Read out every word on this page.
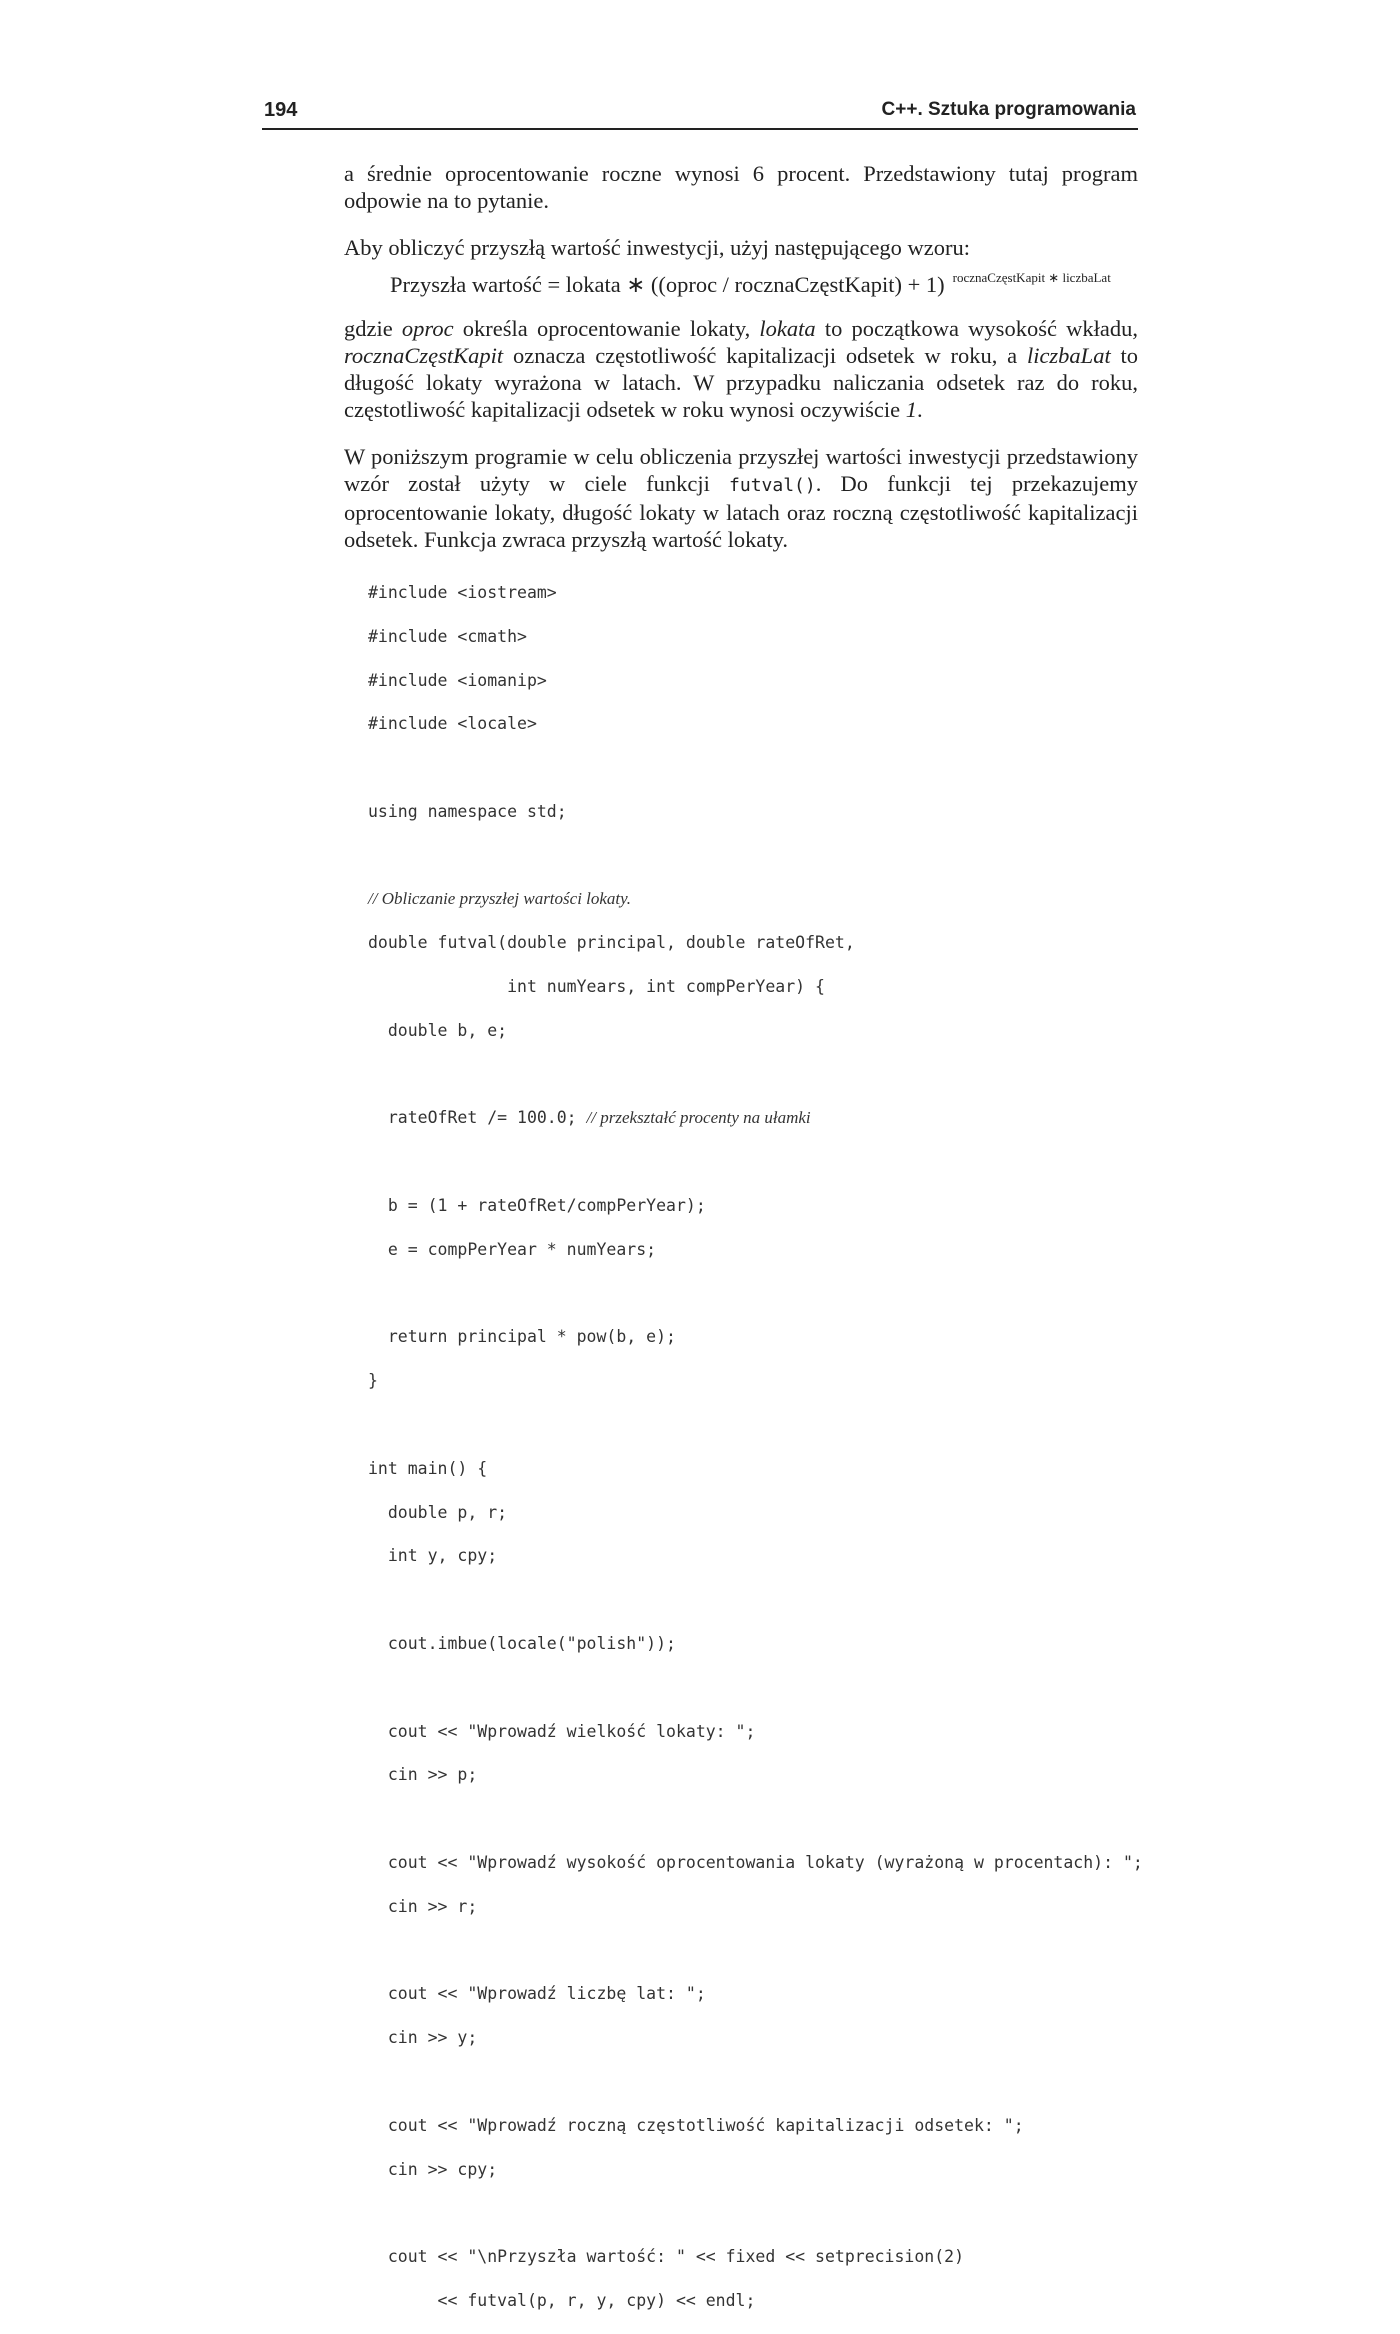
194	C++. Sztuka programowania

a średnie oprocentowanie roczne wynosi 6 procent. Przedstawiony tutaj program odpowie na to pytanie.

Aby obliczyć przyszłą wartość inwestycji, użyj następującego wzoru:

Przyszła wartość = lokata ∗ ((oproc / rocznaCzęstKapit) + 1) $^{rocznaCzęstKapit ∗ liczbaLat}$

gdzie oproc określa oprocentowanie lokaty, lokata to początkowa wysokość wkładu, rocznaCzęstKapit oznacza częstotliwość kapitalizacji odsetek w roku, a liczbaLat to długość lokaty wyrażona w latach. W przypadku naliczania odsetek raz do roku, częstotliwość kapitalizacji odsetek w roku wynosi oczywiście 1.

W poniższym programie w celu obliczenia przyszłej wartości inwestycji przedstawiony wzór został użyty w ciele funkcji futval(). Do funkcji tej przekazujemy oprocentowanie lokaty, długość lokaty w latach oraz roczną częstotliwość kapitalizacji odsetek. Funkcja zwraca przyszłą wartość lokaty.

#include <iostream>

#include <cmath>

#include <iomanip>

#include <locale>

using namespace std;

// Obliczanie przyszłej wartości lokaty.

double futval(double principal, double rateOfRet,

int numYears, int compPerYear) {

double b, e;

rateOfRet /= 100.0; // przekształć procenty na ułamki

b = (1 + rateOfRet/compPerYear);

e = compPerYear * numYears;

return principal * pow(b, e);

}

int main() {

double p, r;

int y, cpy;

cout.imbue(locale("polish"));

cout << "Wprowadź wielkość lokaty: ";

cin >> p;

cout << "Wprowadź wysokość oprocentowania lokaty (wyrażoną w procentach): ";

cin >> r;

cout << "Wprowadź liczbę lat: ";

cin >> y;

cout << "Wprowadź roczną częstotliwość kapitalizacji odsetek: ";

cin >> cpy;

cout << "\nPrzyszła wartość: " << fixed << setprecision(2)

<< futval(p, r, y, cpy) << endl;
